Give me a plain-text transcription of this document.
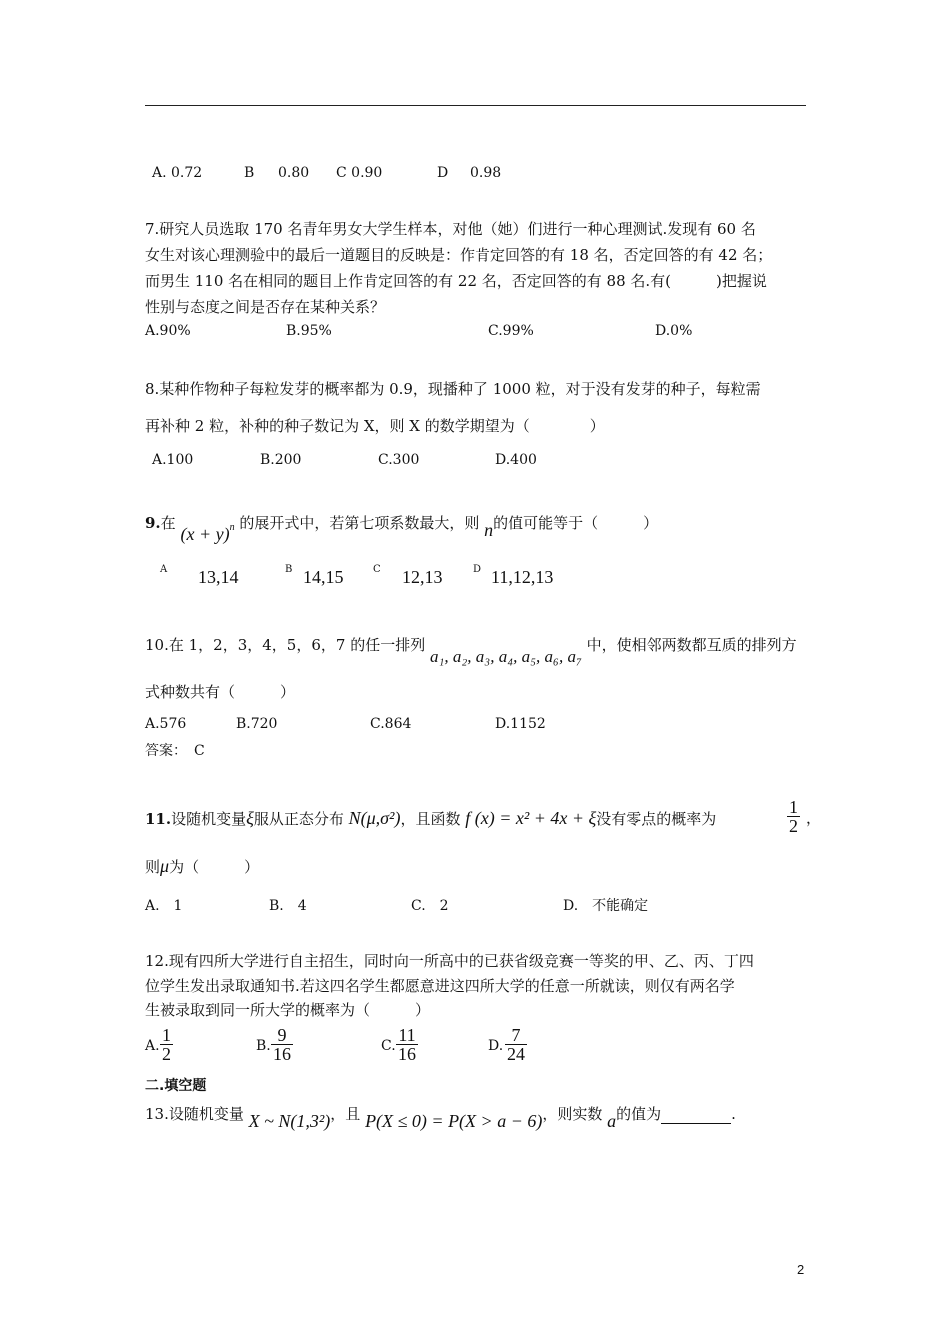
A. 0.72	B 0.80 C 0.90	D 0.98
7.研究人员选取 170 名青年男女大学生样本，对他（她）们进行一种心理测试.发现有 60 名
女生对该心理测验中的最后一道题目的反映是：作肯定回答的有 18 名，否定回答的有 42 名；
而男生 110 名在相同的题目上作肯定回答的有 22 名，否定回答的有 88 名.有(　　　)把握说
性别与态度之间是否存在某种关系？
A.90%	B.95%	C.99%	D.0%
8.某种作物种子每粒发芽的概率都为 0.9，现播种了 1000 粒，对于没有发芽的种子，每粒需
再补种 2 粒，补种的种子数记为 X，则 X 的数学期望为（　　　　）
A.100	B.200	C.300	D.400
9.在 $(x + y)^n$ 的展开式中，若第七项系数最大，则 n的值可能等于（　　　）
A 13,14	B 14,15	C 12,13	D 11,12,13
10.在 1，2，3，4，5，6，7 的任一排列 a₁, a₂, a₃, a₄, a₅, a₆, a₇ 中，使相邻两数都互质的排列方
式种数共有（　　　）
A.576	B.720	C.864	D.1152
答案：　C
11.设随机变量ξ服从正态分布 N(μ,σ²)，且函数 f (x) = x² + 4x + ξ没有零点的概率为	$\frac{1}{2}$ ，
则μ为（　　　）
A.　1	B.　4	C.　2	D.　不能确定
12.现有四所大学进行自主招生，同时向一所高中的已获省级竞赛一等奖的甲、乙、丙、丁四
位学生发出录取通知书.若这四名学生都愿意进这四所大学的任意一所就读，则仅有两名学
生被录取到同一所大学的概率为（　　　）
A. $\frac{1}{2}$	B. $\frac{9}{16}$	C. $\frac{11}{16}$	D. $\frac{7}{24}$
二.填空题
13.设随机变量 X ~ N(1,3²)，且 P(X ≤ 0) = P(X > a − 6)，则实数 a的值为	.
2
